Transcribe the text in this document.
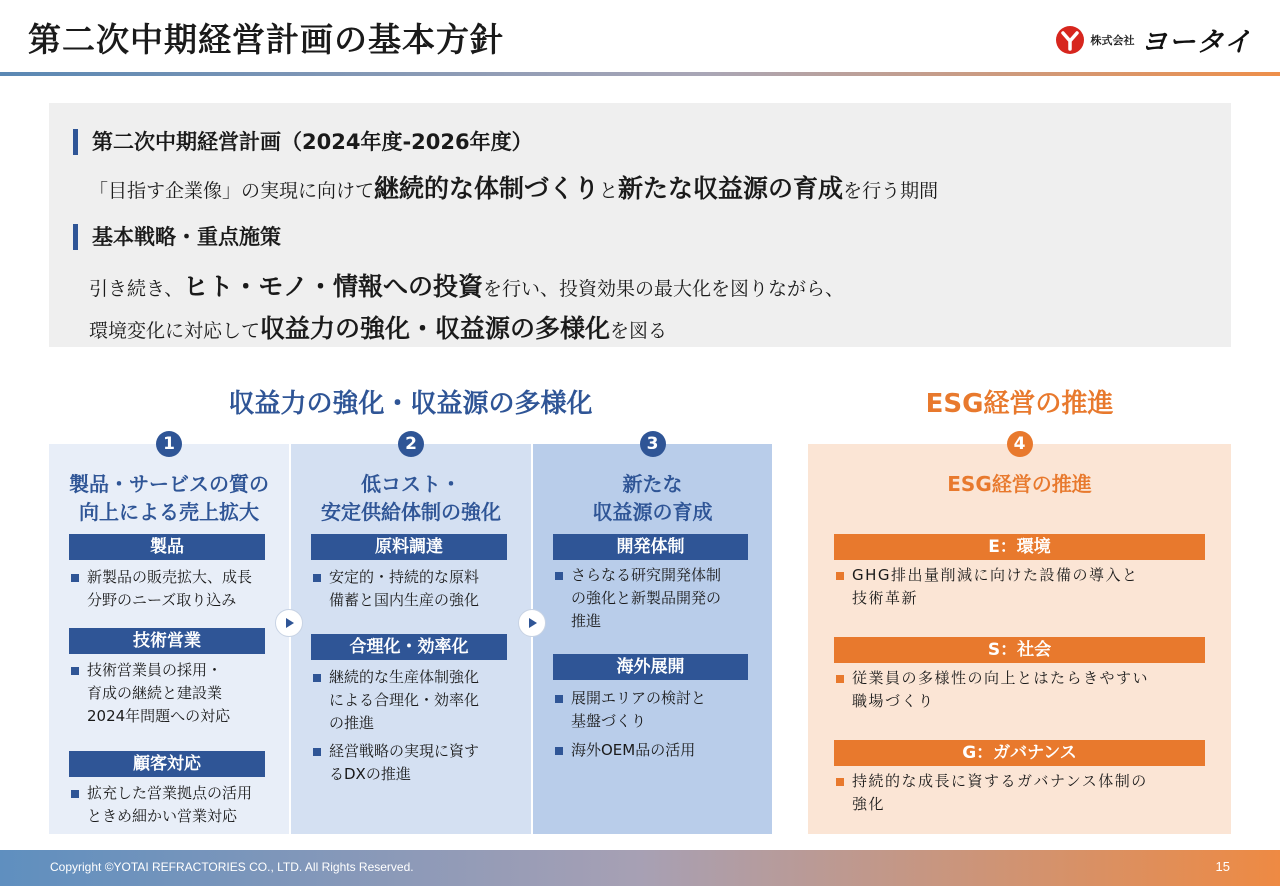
第二次中期経営計画の基本方針	株式会社 ヨータイ
第二次中期経営計画（2024年度-2026年度）
「目指す企業像」の実現に向けて継続的な体制づくりと新たな収益源の育成を行う期間
基本戦略・重点施策
引き続き、ヒト・モノ・情報への投資を行い、投資効果の最大化を図りながら、
環境変化に対応して収益力の強化・収益源の多様化を図る
収益力の強化・収益源の多様化	ESG経営の推進
1
製品・サービスの質の
向上による売上拡大
製品
新製品の販売拡大、成長
分野のニーズ取り込み
技術営業
技術営業員の採用・
育成の継続と建設業
2024年問題への対応
顧客対応
拡充した営業拠点の活用
ときめ細かい営業対応
2
低コスト・
安定供給体制の強化
原料調達
安定的・持続的な原料
備蓄と国内生産の強化
合理化・効率化
継続的な生産体制強化
による合理化・効率化
の推進
経営戦略の実現に資す
るDXの推進
3
新たな
収益源の育成
開発体制
さらなる研究開発体制
の強化と新製品開発の
推進
海外展開
展開エリアの検討と
基盤づくり
海外OEM品の活用
4
ESG経営の推進
E：環境
GHG排出量削減に向けた設備の導入と
技術革新
S：社会
従業員の多様性の向上とはたらきやすい
職場づくり
G：ガバナンス
持続的な成長に資するガバナンス体制の
強化
Copyright ©YOTAI REFRACTORIES CO., LTD. All Rights Reserved.	15
